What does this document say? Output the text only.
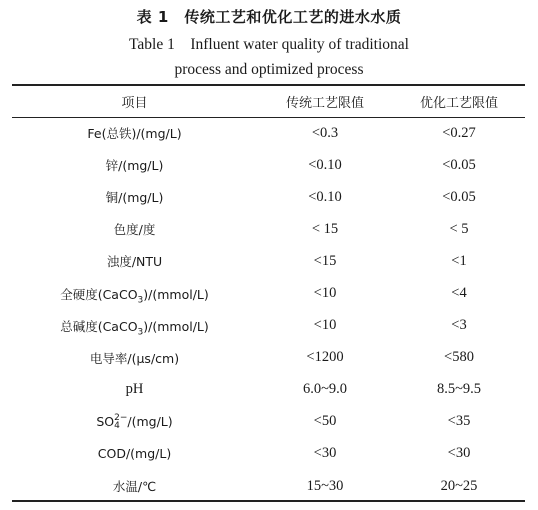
表 1　传统工艺和优化工艺的进水水质
Table 1　Influent water quality of traditional
process and optimized process
项目	传统工艺限值	优化工艺限值
Fe(总铁)/(mg/L)	<0.3	<0.27
锌/(mg/L)	<0.10	<0.05
铜/(mg/L)	<0.10	<0.05
色度/度	< 15	< 5
浊度/NTU	<15	<1
全硬度(CaCO$_3$)/(mmol/L)	<10	<4
总碱度(CaCO$_3$)/(mmol/L)	<10	<3
电导率/(μs/cm)	<1200	<580
pH	6.0~9.0	8.5~9.5
SO 2−
4 /(mg/L)	<50	<35
COD/(mg/L)	<30	<30
水温/℃	15~30	20~25
